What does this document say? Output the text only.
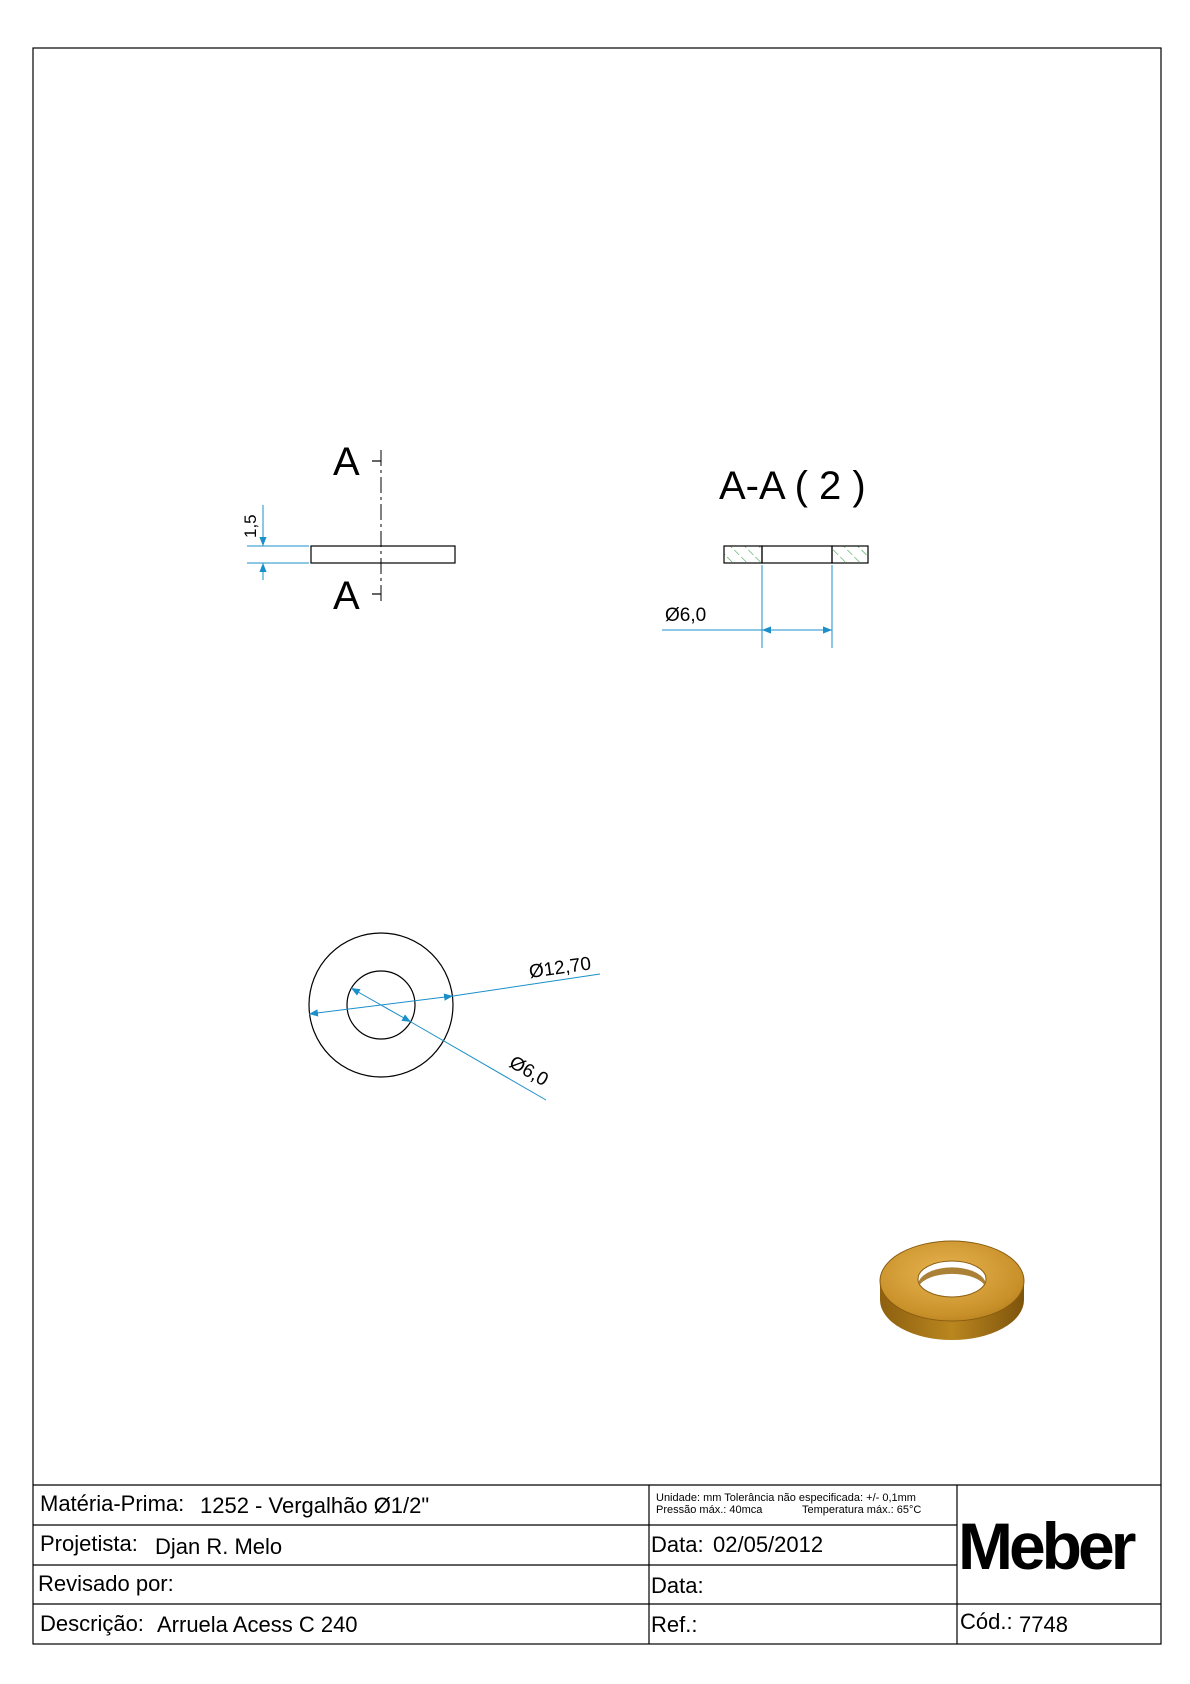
A
A
1,5
A-A ( 2 )
Ø6,0
Ø12,70
Ø6,0
Matéria-Prima: 1252 - Vergalhão Ø1/2"
Projetista: Djan R. Melo
Revisado por:
Descrição: Arruela Acess C 240
Unidade: mm Tolerância não especificada: +/- 0,1mm
Pressão máx.: 40mca	Temperatura máx.: 65°C
Data: 02/05/2012
Data:
Ref.:
Meber
Cód.: 7748
